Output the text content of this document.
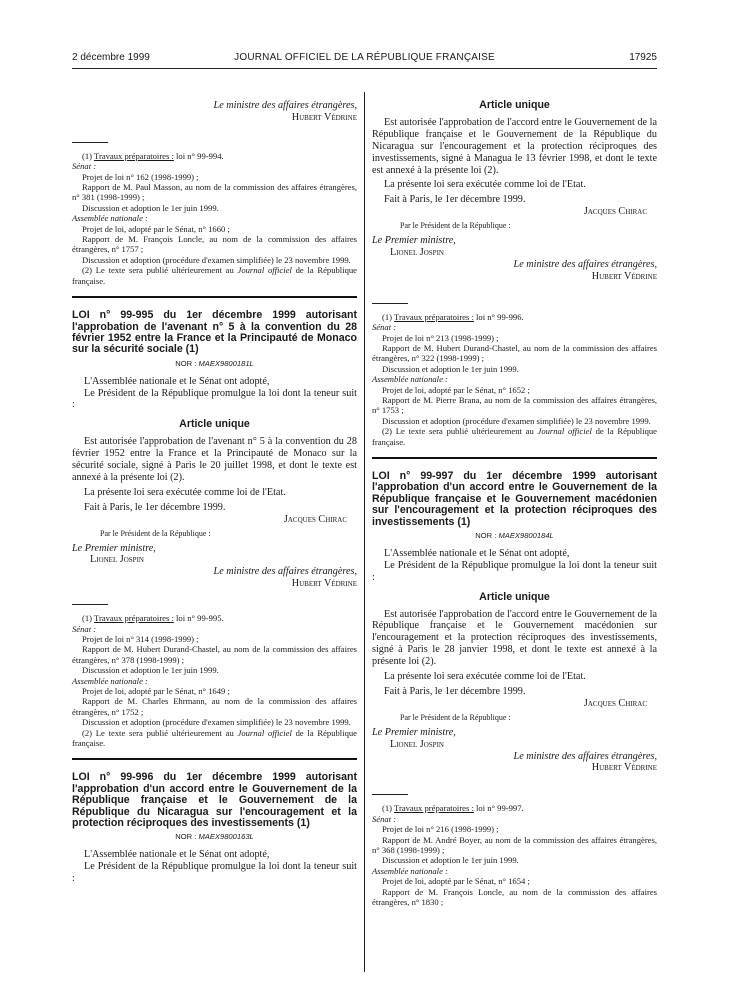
2 décembre 1999	JOURNAL OFFICIEL DE LA RÉPUBLIQUE FRANÇAISE	17925

Le ministre des affaires étrangères,

Hubert Védrine

(1) Travaux préparatoires : loi n° 99-994.

Sénat :

Projet de loi n° 162 (1998-1999) ;

Rapport de M. Paul Masson, au nom de la commission des affaires étrangères, n° 381 (1998-1999) ;

Discussion et adoption le 1er juin 1999.

Assemblée nationale :

Projet de loi, adopté par le Sénat, n° 1660 ;

Rapport de M. François Loncle, au nom de la commission des affaires étrangères, n° 1757 ;

Discussion et adoption (procédure d'examen simplifiée) le 23 novembre 1999.

(2) Le texte sera publié ultérieurement au Journal officiel de la République française.

LOI n° 99-995 du 1er décembre 1999 autorisant l'approbation de l'avenant n° 5 à la convention du 28 février 1952 entre la France et la Principauté de Monaco sur la sécurité sociale (1)

NOR : MAEX9800181L

L'Assemblée nationale et le Sénat ont adopté,

Le Président de la République promulgue la loi dont la teneur suit :

Article unique

Est autorisée l'approbation de l'avenant n° 5 à la convention du 28 février 1952 entre la France et la Principauté de Monaco sur la sécurité sociale, signé à Paris le 20 juillet 1998, et dont le texte est annexé à la présente loi (2).

La présente loi sera exécutée comme loi de l'Etat.

Fait à Paris, le 1er décembre 1999.

Jacques Chirac

Par le Président de la République :

Le Premier ministre,

Lionel Jospin

Le ministre des affaires étrangères,

Hubert Védrine

(1) Travaux préparatoires : loi n° 99-995.

Sénat :

Projet de loi n° 314 (1998-1999) ;

Rapport de M. Hubert Durand-Chastel, au nom de la commission des affaires étrangères, n° 378 (1998-1999) ;

Discussion et adoption le 1er juin 1999.

Assemblée nationale :

Projet de loi, adopté par le Sénat, n° 1649 ;

Rapport de M. Charles Ehrmann, au nom de la commission des affaires étrangères, n° 1752 ;

Discussion et adoption (procédure d'examen simplifiée) le 23 novembre 1999.

(2) Le texte sera publié ultérieurement au Journal officiel de la République française.

LOI n° 99-996 du 1er décembre 1999 autorisant l'approbation d'un accord entre le Gouvernement de la République française et le Gouvernement de la République du Nicaragua sur l'encouragement et la protection réciproques des investissements (1)

NOR : MAEX9800163L

L'Assemblée nationale et le Sénat ont adopté,

Le Président de la République promulgue la loi dont la teneur suit :

Article unique

Est autorisée l'approbation de l'accord entre le Gouvernement de la République française et le Gouvernement de la République du Nicaragua sur l'encouragement et la protection réciproques des investissements, signé à Managua le 13 février 1998, et dont le texte est annexé à la présente loi (2).

La présente loi sera exécutée comme loi de l'Etat.

Fait à Paris, le 1er décembre 1999.

Jacques Chirac

Par le Président de la République :

Le Premier ministre,

Lionel Jospin

Le ministre des affaires étrangères,

Hubert Védrine

(1) Travaux préparatoires : loi n° 99-996.

Sénat :

Projet de loi n° 213 (1998-1999) ;

Rapport de M. Hubert Durand-Chastel, au nom de la commission des affaires étrangères, n° 322 (1998-1999) ;

Discussion et adoption le 1er juin 1999.

Assemblée nationale :

Projet de loi, adopté par le Sénat, n° 1652 ;

Rapport de M. Pierre Brana, au nom de la commission des affaires étrangères, n° 1753 ;

Discussion et adoption (procédure d'examen simplifiée) le 23 novembre 1999.

(2) Le texte sera publié ultérieurement au Journal officiel de la République française.

LOI n° 99-997 du 1er décembre 1999 autorisant l'approbation d'un accord entre le Gouvernement de la République française et le Gouvernement macédonien sur l'encouragement et la protection réciproques des investissements (1)

NOR : MAEX9800184L

L'Assemblée nationale et le Sénat ont adopté,

Le Président de la République promulgue la loi dont la teneur suit :

Article unique

Est autorisée l'approbation de l'accord entre le Gouvernement de la République française et le Gouvernement macédonien sur l'encouragement et la protection réciproques des investissements, signé à Paris le 28 janvier 1998, et dont le texte est annexé à la présente loi (2).

La présente loi sera exécutée comme loi de l'Etat.

Fait à Paris, le 1er décembre 1999.

Jacques Chirac

Par le Président de la République :

Le Premier ministre,

Lionel Jospin

Le ministre des affaires étrangères,

Hubert Védrine

(1) Travaux préparatoires : loi n° 99-997.

Sénat :

Projet de loi n° 216 (1998-1999) ;

Rapport de M. André Boyer, au nom de la commission des affaires étrangères, n° 368 (1998-1999) ;

Discussion et adoption le 1er juin 1999.

Assemblée nationale :

Projet de loi, adopté par le Sénat, n° 1654 ;

Rapport de M. François Loncle, au nom de la commission des affaires étrangères, n° 1830 ;
